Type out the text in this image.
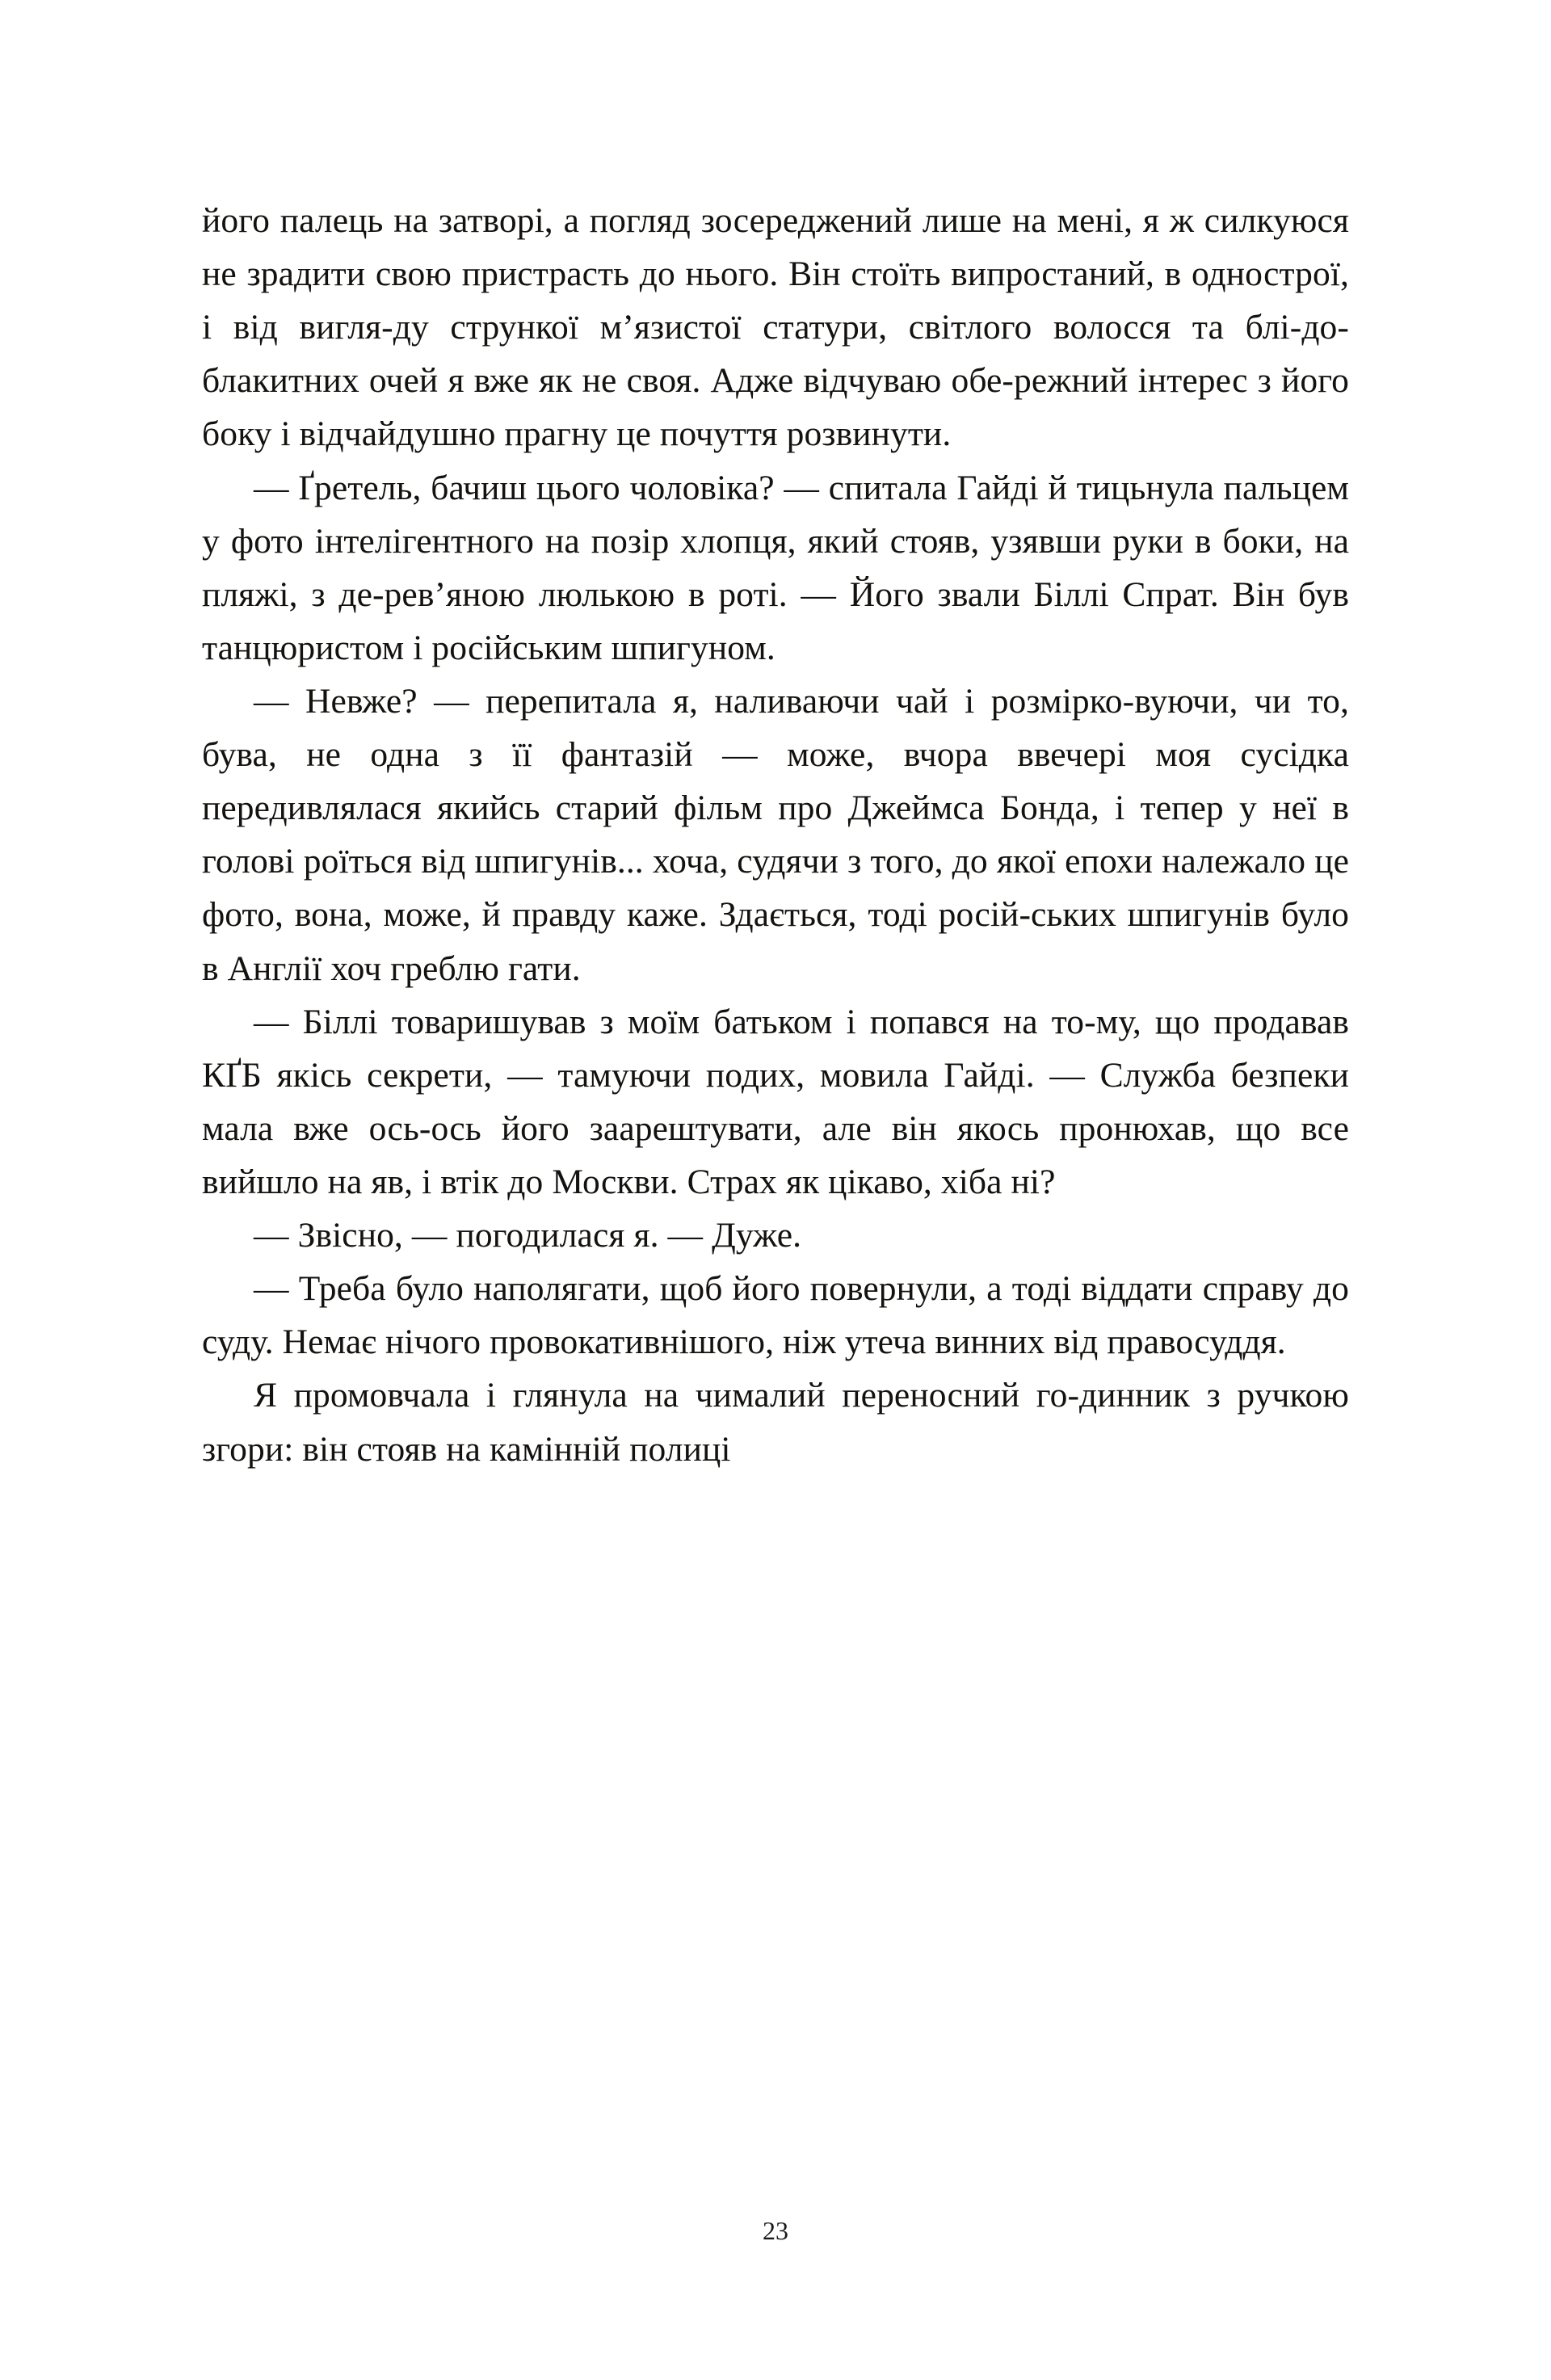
його палець на затворі, а погляд зосереджений лише на мені, я ж силкуюся не зрадити свою пристрасть до нього. Він стоїть випростаний, в однострої, і від вигля-ду стрункої м’язистої статури, світлого волосся та блі-до-блакитних очей я вже як не своя. Адже відчуваю обе-режний інтерес з його боку і відчайдушно прагну це почуття розвинути.

— Ґретель, бачиш цього чоловіка? — спитала Гайді й тицьнула пальцем у фото інтелігентного на позір хлопця, який стояв, узявши руки в боки, на пляжі, з де-рев’яною люлькою в роті. — Його звали Біллі Спрат. Він був танцюристом і російським шпигуном.

— Невже? — перепитала я, наливаючи чай і розмірко-вуючи, чи то, бува, не одна з її фантазій — може, вчора ввечері моя сусідка передивлялася якийсь старий фільм про Джеймса Бонда, і тепер у неї в голові роїться від шпигунів... хоча, судячи з того, до якої епохи належало це фото, вона, може, й правду каже. Здається, тоді росій-ських шпигунів було в Англії хоч греблю гати.

— Біллі товаришував з моїм батьком і попався на то-му, що продавав КҐБ якісь секрети, — тамуючи подих, мовила Гайді. — Служба безпеки мала вже ось-ось його заарештувати, але він якось пронюхав, що все вийшло на яв, і втік до Москви. Страх як цікаво, хіба ні?

— Звісно, — погодилася я. — Дуже.

— Треба було наполягати, щоб його повернули, а тоді віддати справу до суду. Немає нічого провокативнішого, ніж утеча винних від правосуддя.

Я промовчала і глянула на чималий переносний го-динник з ручкою згори: він стояв на камінній полиці

23
